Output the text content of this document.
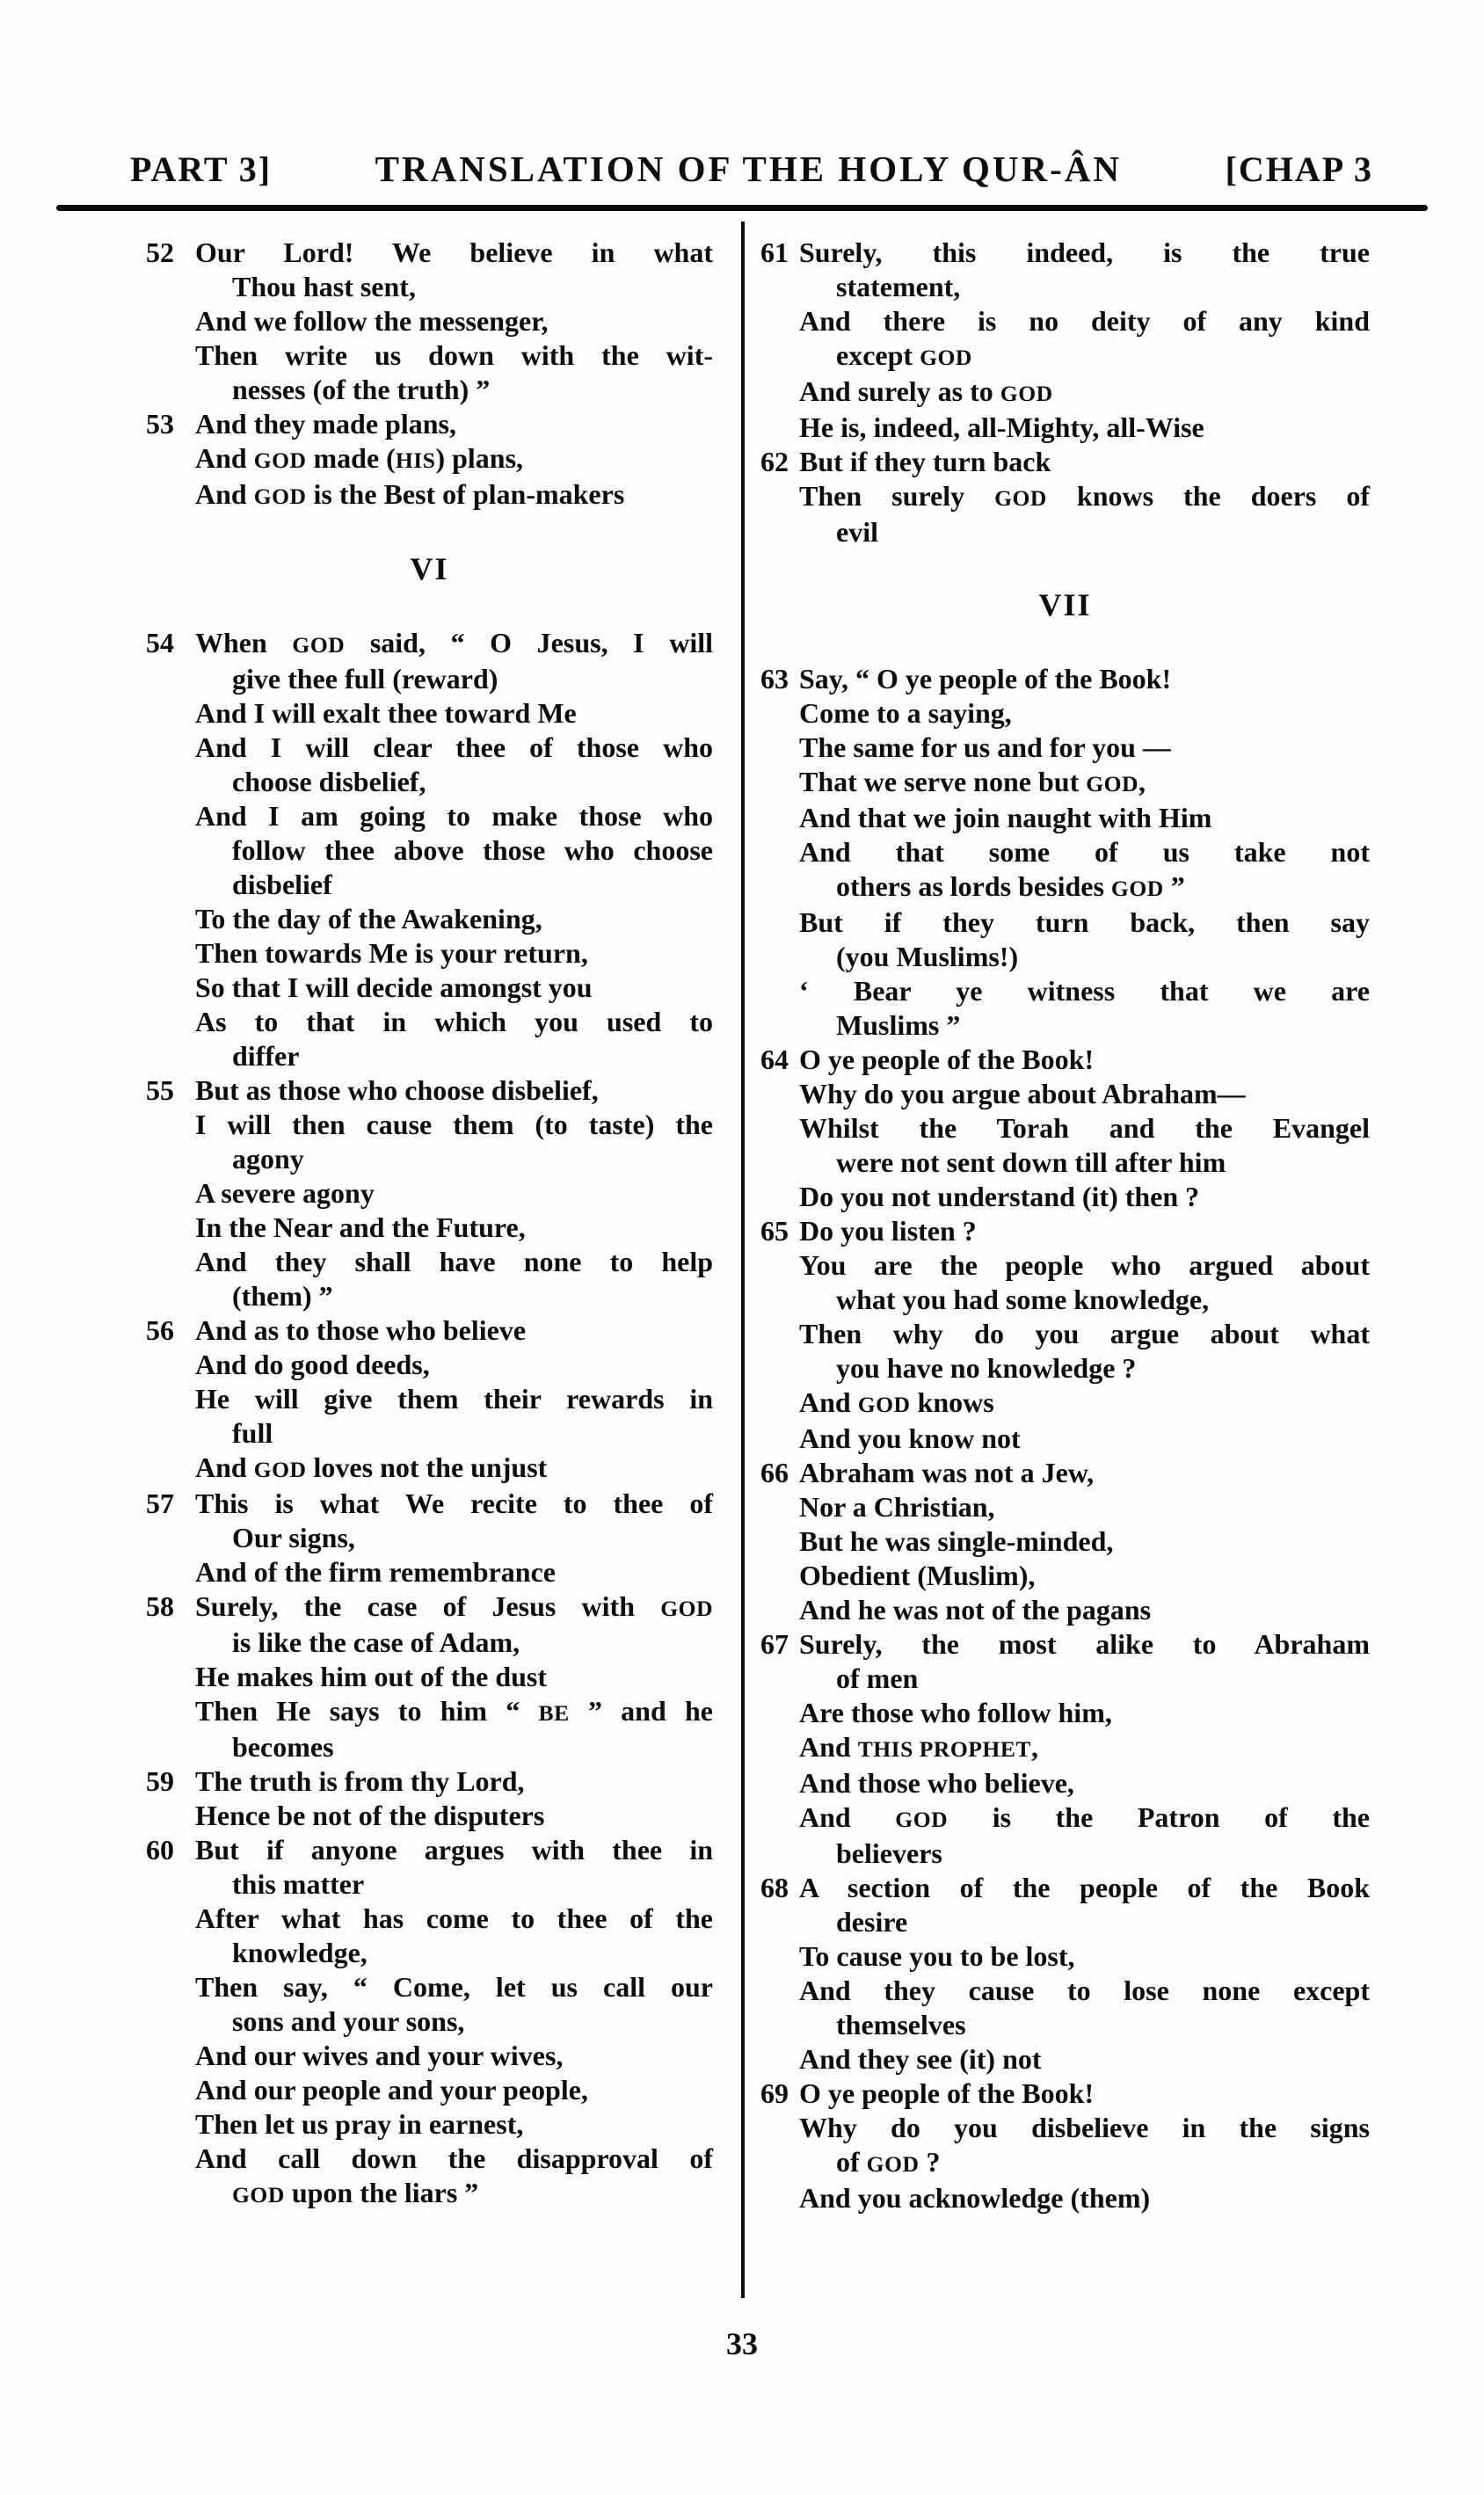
PART 3]	TRANSLATION OF THE HOLY QUR-ÂN	[CHAP 3
52 Our Lord! We believe in what
Thou hast sent,
And we follow the messenger,
Then write us down with the wit-
nesses (of the truth) ”
53 And they made plans,
And GOD made (HIS) plans,
And GOD is the Best of plan-makers
VI
54 When GOD said, “ O Jesus, I will
give thee full (reward)
And I will exalt thee toward Me
And I will clear thee of those who
choose disbelief,
And I am going to make those who
follow thee above those who choose
disbelief
To the day of the Awakening,
Then towards Me is your return,
So that I will decide amongst you
As to that in which you used to
differ
55 But as those who choose disbelief,
I will then cause them (to taste) the
agony
A severe agony
In the Near and the Future,
And they shall have none to help
(them) ”
56 And as to those who believe
And do good deeds,
He will give them their rewards in
full
And GOD loves not the unjust
57 This is what We recite to thee of
Our signs,
And of the firm remembrance
58 Surely, the case of Jesus with GOD
is like the case of Adam,
He makes him out of the dust
Then He says to him “ BE ” and he
becomes
59 The truth is from thy Lord,
Hence be not of the disputers
60 But if anyone argues with thee in
this matter
After what has come to thee of the
knowledge,
Then say, “ Come, let us call our
sons and your sons,
And our wives and your wives,
And our people and your people,
Then let us pray in earnest,
And call down the disapproval of
GOD upon the liars ”
61 Surely, this indeed, is the true
statement,
And there is no deity of any kind
except GOD
And surely as to GOD
He is, indeed, all-Mighty, all-Wise
62 But if they turn back
Then surely GOD knows the doers of
evil
VII
63 Say, “ O ye people of the Book!
Come to a saying,
The same for us and for you —
That we serve none but GOD,
And that we join naught with Him
And that some of us take not
others as lords besides GOD ”
But if they turn back, then say
(you Muslims!)
‘ Bear ye witness that we are
Muslims ”
64 O ye people of the Book!
Why do you argue about Abraham—
Whilst the Torah and the Evangel
were not sent down till after him
Do you not understand (it) then ?
65 Do you listen ?
You are the people who argued about
what you had some knowledge,
Then why do you argue about what
you have no knowledge ?
And GOD knows
And you know not
66 Abraham was not a Jew,
Nor a Christian,
But he was single-minded,
Obedient (Muslim),
And he was not of the pagans
67 Surely, the most alike to Abraham
of men
Are those who follow him,
And THIS PROPHET,
And those who believe,
And GOD is the Patron of the
believers
68 A section of the people of the Book
desire
To cause you to be lost,
And they cause to lose none except
themselves
And they see (it) not
69 O ye people of the Book!
Why do you disbelieve in the signs
of GOD ?
And you acknowledge (them)
33
